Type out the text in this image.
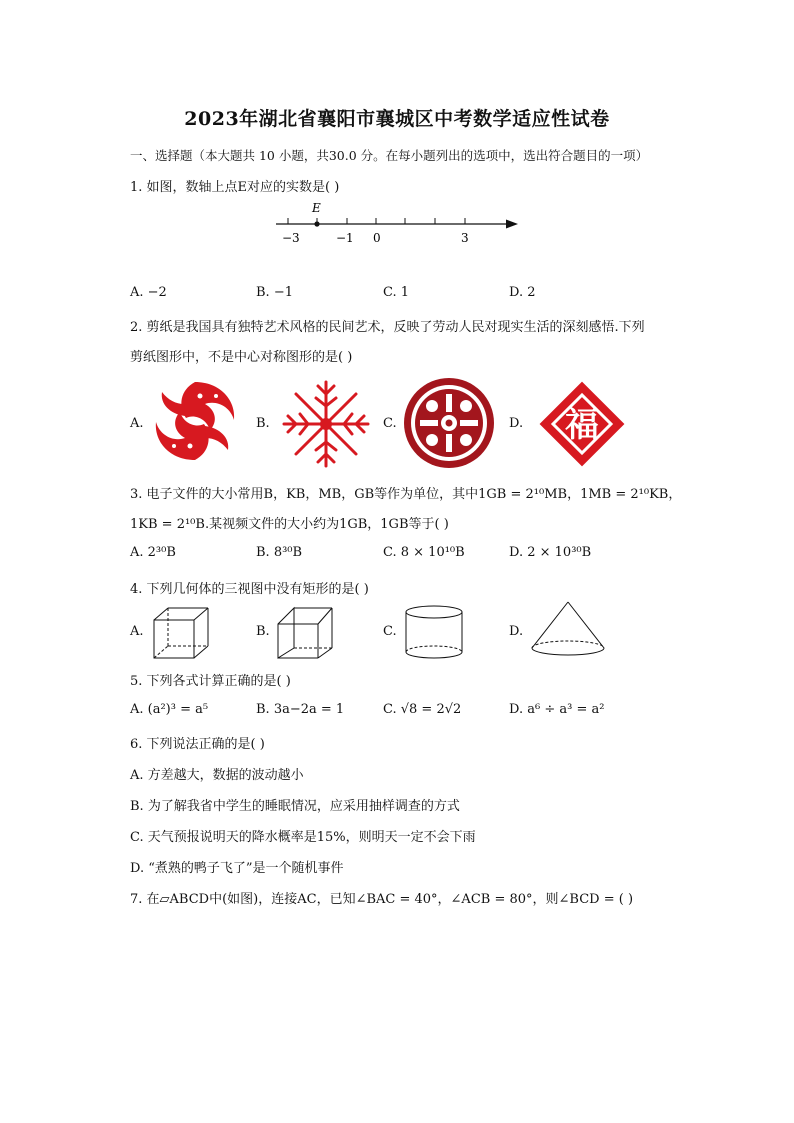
2023年湖北省襄阳市襄城区中考数学适应性试卷
一、选择题（本大题共 10 小题，共30.0 分。在每小题列出的选项中，选出符合题目的一项）
1. 如图，数轴上点E对应的实数是( )
E
−3	−1 0	3
A. −2	B. −1	C. 1	D. 2
2. 剪纸是我国具有独特艺术风格的民间艺术，反映了劳动人民对现实生活的深刻感悟.下列
剪纸图形中，不是中心对称图形的是( )
A.	B.	C.	D. 福
3. 电子文件的大小常用B，KB，MB，GB等作为单位，其中1GB = 2¹⁰MB，1MB = 2¹⁰KB，
1KB = 2¹⁰B.某视频文件的大小约为1GB，1GB等于( )
A. 2³⁰B	B. 8³⁰B	C. 8 × 10¹⁰B	D. 2 × 10³⁰B
4. 下列几何体的三视图中没有矩形的是( )
A.	B.	C.	D.
5. 下列各式计算正确的是( )
A. (a²)³ = a⁵	B. 3a−2a = 1	C. √8 = 2√2	D. a⁶ ÷ a³ = a²
6. 下列说法正确的是( )
A. 方差越大，数据的波动越小
B. 为了解我省中学生的睡眠情况，应采用抽样调查的方式
C. 天气预报说明天的降水概率是15%，则明天一定不会下雨
D. “煮熟的鸭子飞了”是一个随机事件
7. 在▱ABCD中(如图)，连接AC，已知∠BAC = 40°，∠ACB = 80°，则∠BCD = ( )
